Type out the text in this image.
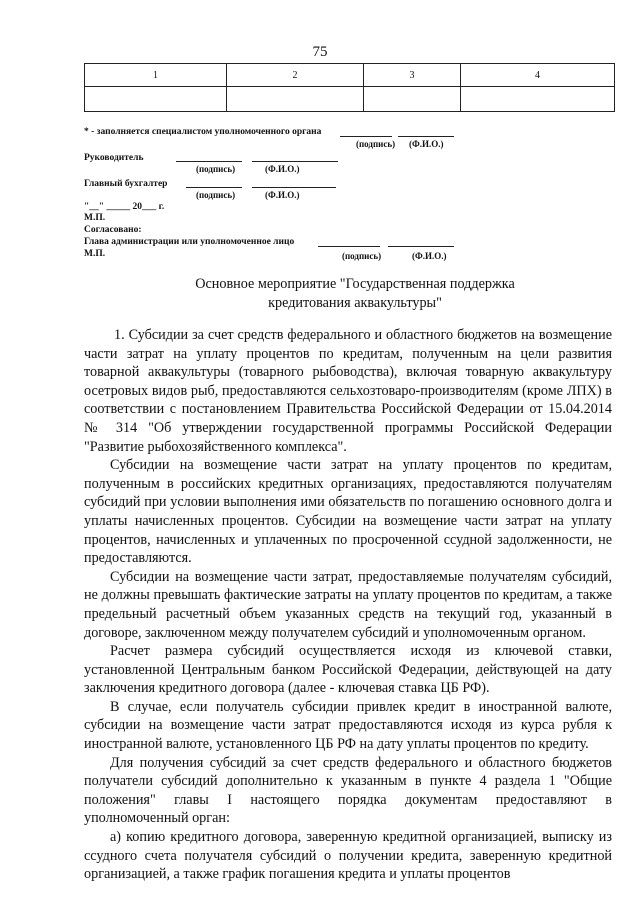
75
1	2	3	4

* - заполняется специалистом уполномоченного органа
(подпись) (Ф.И.О.)
Руководитель
(подпись)	(Ф.И.О.)
Главный бухгалтер
(подпись)	(Ф.И.О.)
"__" _____ 20___ г.
М.П.
Согласовано:
Глава администрации или уполномоченное лицо
М.П.	(подпись)	(Ф.И.О.)
Основное мероприятие "Государственная поддержка
кредитования аквакультуры"

1. Субсидии за счет средств федерального и областного бюджетов на возмещение части затрат на уплату процентов по кредитам, полученным на цели развития товарной аквакультуры (товарного рыбоводства), включая товарную аквакультуру осетровых видов рыб, предоставляются сельхозтоваро-производителям (кроме ЛПХ) в соответствии с постановлением Правительства Российской Федерации от 15.04.2014 № 314 "Об утверждении государственной программы Российской Федерации "Развитие рыбохозяйственного комплекса".

Субсидии на возмещение части затрат на уплату процентов по кредитам, полученным в российских кредитных организациях, предоставляются получателям субсидий при условии выполнения ими обязательств по погашению основного долга и уплаты начисленных процентов. Субсидии на возмещение части затрат на уплату процентов, начисленных и уплаченных по просроченной ссудной задолженности, не предоставляются.

Субсидии на возмещение части затрат, предоставляемые получателям субсидий, не должны превышать фактические затраты на уплату процентов по кредитам, а также предельный расчетный объем указанных средств на текущий год, указанный в договоре, заключенном между получателем субсидий и уполномоченным органом.

Расчет размера субсидий осуществляется исходя из ключевой ставки, установленной Центральным банком Российской Федерации, действующей на дату заключения кредитного договора (далее - ключевая ставка ЦБ РФ).

В случае, если получатель субсидии привлек кредит в иностранной валюте, субсидии на возмещение части затрат предоставляются исходя из курса рубля к иностранной валюте, установленного ЦБ РФ на дату уплаты процентов по кредиту.

Для получения субсидий за счет средств федерального и областного бюджетов получатели субсидий дополнительно к указанным в пункте 4 раздела 1 "Общие положения" главы I настоящего порядка документам предоставляют в уполномоченный орган:

а) копию кредитного договора, заверенную кредитной организацией, выписку из ссудного счета получателя субсидий о получении кредита, заверенную кредитной организацией, а также график погашения кредита и уплаты процентов
